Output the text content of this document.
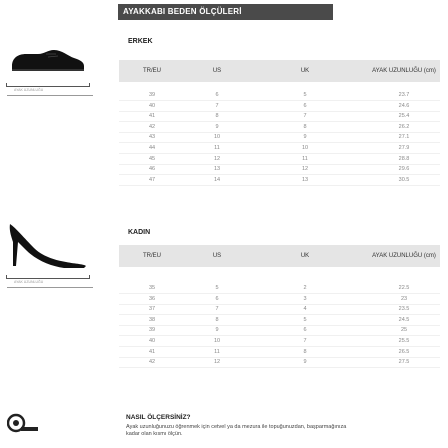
AYAKKABI BEDEN ÖLÇÜLERİ
ERKEK
AYAK UZUNLUĞU
TR/EU	US	UK	AYAK UZUNLUĞU (cm)
39	6	5	23.7
40	7	6	24.6
41	8	7	25.4
42	9	8	26.2
43	10	9	27.1
44	11	10	27.9
45	12	11	28.8
46	13	12	29.6
47	14	13	30.5
KADIN
AYAK UZUNLUĞU
TR/EU	US	UK	AYAK UZUNLUĞU (cm)
35	5	2	22.5
36	6	3	23
37	7	4	23.5
38	8	5	24.5
39	9	6	25
40	10	7	25.5
41	11	8	26.5
42	12	9	27.5
NASIL ÖLÇERSİNİZ?
Ayak uzunluğunuzu öğrenmek için cetvel ya da mezura ile topuğunuzdan, başparmağınıza kadar olan kısmı ölçün.
